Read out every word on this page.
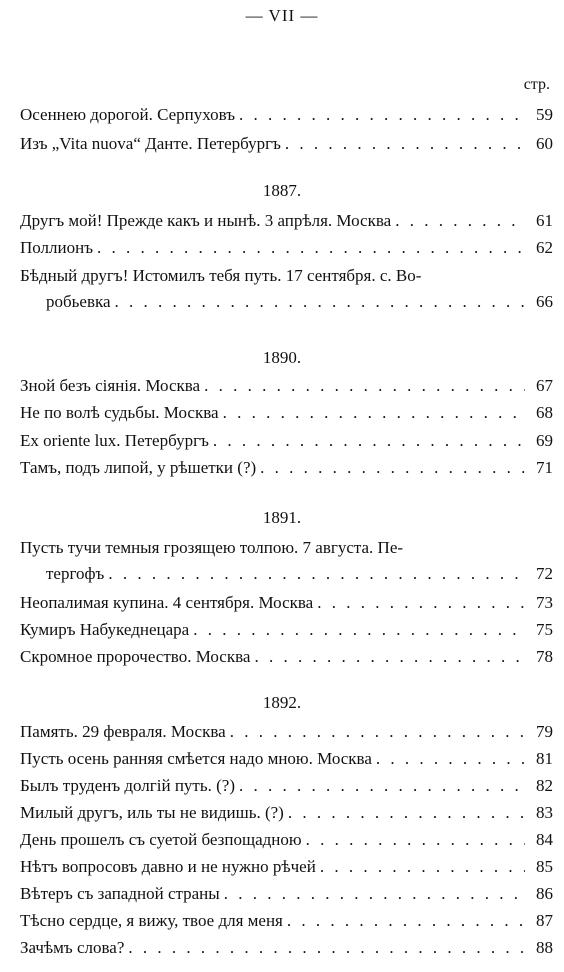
— VII —
стр.
Осеннею дорогой. Серпуховъ . . .	59
Изъ „Vita nuova“ Данте. Петербургъ . . .	60
1887.
Другъ мой! Прежде какъ и нынѣ. 3 апрѣля. Москва . . .	61
Поллионъ . . .	62
Бѣдный другъ! Истомилъ тебя путь. 17 сентября. с. Во-
робьевка . . .	66
1890.
Зной безъ сіянія. Москва . . .	67
Не по волѣ судьбы. Москва . . .	68
Ex oriente lux. Петербургъ . . .	69
Тамъ, подъ липой, у рѣшетки (?) . . .	71
1891.
Пусть тучи темныя грозящею толпою. 7 августа. Пе-
тергофъ . . .	72
Неопалимая купина. 4 сентября. Москва . . .	73
Кумиръ Набукеднецара . . .	75
Скромное пророчество. Москва . . .	78
1892.
Память. 29 февраля. Москва . . .	79
Пусть осень ранняя смѣется надо мною. Москва . . .	81
Былъ труденъ долгій путь. (?) . . .	82
Милый другъ, иль ты не видишь. (?) . . .	83
День прошелъ съ суетой безпощадною . . .	84
Нѣтъ вопросовъ давно и не нужно рѣчей . . .	85
Вѣтеръ съ западной страны . . .	86
Тѣсно сердце, я вижу, твое для меня . . .	87
Зачѣмъ слова? . . .	88
